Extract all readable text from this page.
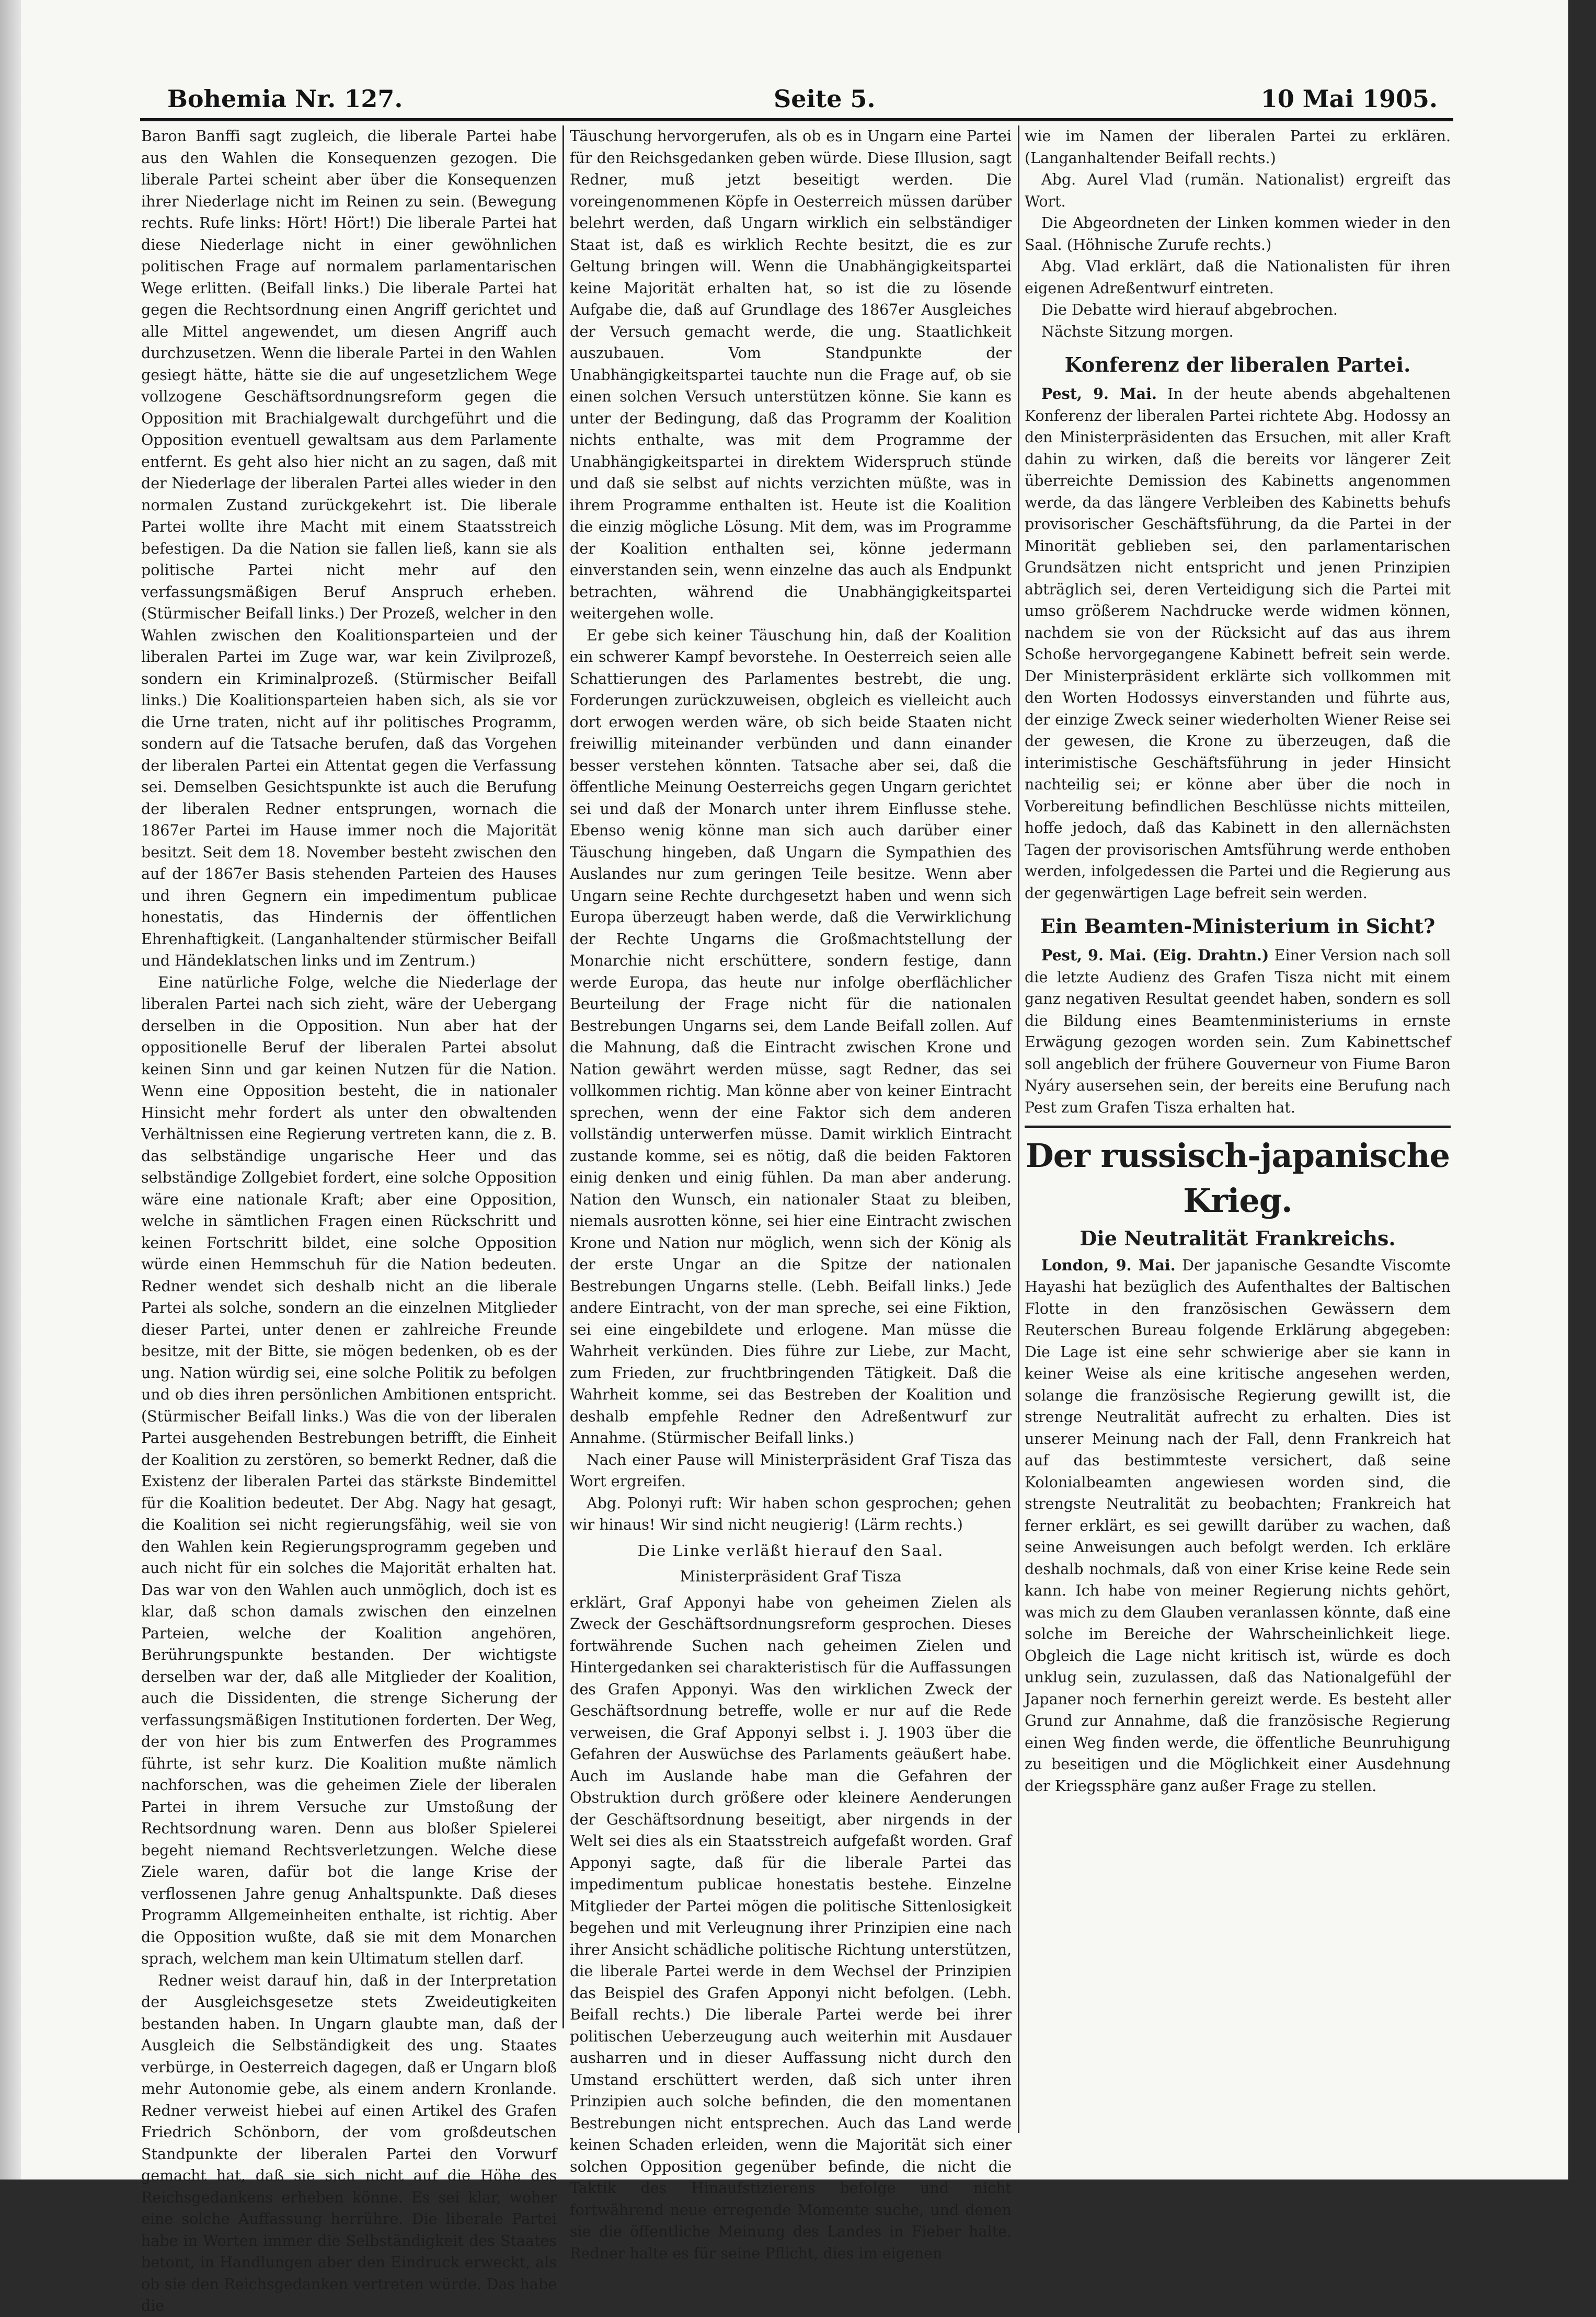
Bohemia Nr. 127.	Seite 5.	10 Mai 1905.

Baron Banffi sagt zugleich, die liberale Partei habe aus den Wahlen die Konsequenzen gezogen. Die liberale Partei scheint aber über die Konsequenzen ihrer Niederlage nicht im Reinen zu sein. (Bewegung rechts. Rufe links: Hört! Hört!) Die liberale Partei hat diese Niederlage nicht in einer gewöhnlichen politischen Frage auf normalem parlamentarischen Wege erlitten. (Beifall links.) Die liberale Partei hat gegen die Rechtsordnung einen Angriff gerichtet und alle Mittel angewendet, um diesen Angriff auch durchzusetzen. Wenn die liberale Partei in den Wahlen gesiegt hätte, hätte sie die auf ungesetzlichem Wege vollzogene Geschäftsordnungsreform gegen die Opposition mit Brachialgewalt durchgeführt und die Opposition eventuell gewaltsam aus dem Parlamente entfernt. Es geht also hier nicht an zu sagen, daß mit der Niederlage der liberalen Partei alles wieder in den normalen Zustand zurückgekehrt ist. Die liberale Partei wollte ihre Macht mit einem Staatsstreich befestigen. Da die Nation sie fallen ließ, kann sie als politische Partei nicht mehr auf den verfassungsmäßigen Beruf Anspruch erheben. (Stürmischer Beifall links.) Der Prozeß, welcher in den Wahlen zwischen den Koalitionsparteien und der liberalen Partei im Zuge war, war kein Zivilprozeß, sondern ein Kriminalprozeß. (Stürmischer Beifall links.) Die Koalitionsparteien haben sich, als sie vor die Urne traten, nicht auf ihr politisches Programm, sondern auf die Tatsache berufen, daß das Vorgehen der liberalen Partei ein Attentat gegen die Verfassung sei. Demselben Gesichtspunkte ist auch die Berufung der liberalen Redner entsprungen, wornach die 1867er Partei im Hause immer noch die Majorität besitzt. Seit dem 18. November besteht zwischen den auf der 1867er Basis stehenden Parteien des Hauses und ihren Gegnern ein impedimentum publicae honestatis, das Hindernis der öffentlichen Ehrenhaftigkeit. (Langanhaltender stürmischer Beifall und Händeklatschen links und im Zentrum.)

Eine natürliche Folge, welche die Niederlage der liberalen Partei nach sich zieht, wäre der Uebergang derselben in die Opposition. Nun aber hat der oppositionelle Beruf der liberalen Partei absolut keinen Sinn und gar keinen Nutzen für die Nation. Wenn eine Opposition besteht, die in nationaler Hinsicht mehr fordert als unter den obwaltenden Verhältnissen eine Regierung vertreten kann, die z. B. das selbständige ungarische Heer und das selbständige Zollgebiet fordert, eine solche Opposition wäre eine nationale Kraft; aber eine Opposition, welche in sämtlichen Fragen einen Rückschritt und keinen Fortschritt bildet, eine solche Opposition würde einen Hemmschuh für die Nation bedeuten. Redner wendet sich deshalb nicht an die liberale Partei als solche, sondern an die einzelnen Mitglieder dieser Partei, unter denen er zahlreiche Freunde besitze, mit der Bitte, sie mögen bedenken, ob es der ung. Nation würdig sei, eine solche Politik zu befolgen und ob dies ihren persönlichen Ambitionen entspricht. (Stürmischer Beifall links.) Was die von der liberalen Partei ausgehenden Bestrebungen betrifft, die Einheit der Koalition zu zerstören, so bemerkt Redner, daß die Existenz der liberalen Partei das stärkste Bindemittel für die Koalition bedeutet. Der Abg. Nagy hat gesagt, die Koalition sei nicht regierungsfähig, weil sie von den Wahlen kein Regierungsprogramm gegeben und auch nicht für ein solches die Majorität erhalten hat. Das war von den Wahlen auch unmöglich, doch ist es klar, daß schon damals zwischen den einzelnen Parteien, welche der Koalition angehören, Berührungspunkte bestanden. Der wichtigste derselben war der, daß alle Mitglieder der Koalition, auch die Dissidenten, die strenge Sicherung der verfassungsmäßigen Institutionen forderten. Der Weg, der von hier bis zum Entwerfen des Programmes führte, ist sehr kurz. Die Koalition mußte nämlich nachforschen, was die geheimen Ziele der liberalen Partei in ihrem Versuche zur Umstoßung der Rechtsordnung waren. Denn aus bloßer Spielerei begeht niemand Rechtsverletzungen. Welche diese Ziele waren, dafür bot die lange Krise der verflossenen Jahre genug Anhaltspunkte. Daß dieses Programm Allgemeinheiten enthalte, ist richtig. Aber die Opposition wußte, daß sie mit dem Monarchen sprach, welchem man kein Ultimatum stellen darf.

Redner weist darauf hin, daß in der Interpretation der Ausgleichsgesetze stets Zweideutigkeiten bestanden haben. In Ungarn glaubte man, daß der Ausgleich die Selbständigkeit des ung. Staates verbürge, in Oesterreich dagegen, daß er Ungarn bloß mehr Autonomie gebe, als einem andern Kronlande. Redner verweist hiebei auf einen Artikel des Grafen Friedrich Schönborn, der vom großdeutschen Standpunkte der liberalen Partei den Vorwurf gemacht hat, daß sie sich nicht auf die Höhe des Reichsgedankens erheben könne. Es sei klar, woher eine solche Auffassung herrühre. Die liberale Partei habe in Worten immer die Selbständigkeit des Staates betont, in Handlungen aber den Eindruck erweckt, als ob sie den Reichsgedanken vertreten würde. Das habe die

Täuschung hervorgerufen, als ob es in Ungarn eine Partei für den Reichsgedanken geben würde. Diese Illusion, sagt Redner, muß jetzt beseitigt werden. Die voreingenommenen Köpfe in Oesterreich müssen darüber belehrt werden, daß Ungarn wirklich ein selbständiger Staat ist, daß es wirklich Rechte besitzt, die es zur Geltung bringen will. Wenn die Unabhängigkeitspartei keine Majorität erhalten hat, so ist die zu lösende Aufgabe die, daß auf Grundlage des 1867er Ausgleiches der Versuch gemacht werde, die ung. Staatlichkeit auszubauen. Vom Standpunkte der Unabhängigkeitspartei tauchte nun die Frage auf, ob sie einen solchen Versuch unterstützen könne. Sie kann es unter der Bedingung, daß das Programm der Koalition nichts enthalte, was mit dem Programme der Unabhängigkeitspartei in direktem Widerspruch stünde und daß sie selbst auf nichts verzichten müßte, was in ihrem Programme enthalten ist. Heute ist die Koalition die einzig mögliche Lösung. Mit dem, was im Programme der Koalition enthalten sei, könne jedermann einverstanden sein, wenn einzelne das auch als Endpunkt betrachten, während die Unabhängigkeitspartei weitergehen wolle.

Er gebe sich keiner Täuschung hin, daß der Koalition ein schwerer Kampf bevorstehe. In Oesterreich seien alle Schattierungen des Parlamentes bestrebt, die ung. Forderungen zurückzuweisen, obgleich es vielleicht auch dort erwogen werden wäre, ob sich beide Staaten nicht freiwillig miteinander verbünden und dann einander besser verstehen könnten. Tatsache aber sei, daß die öffentliche Meinung Oesterreichs gegen Ungarn gerichtet sei und daß der Monarch unter ihrem Einflusse stehe. Ebenso wenig könne man sich auch darüber einer Täuschung hingeben, daß Ungarn die Sympathien des Auslandes nur zum geringen Teile besitze. Wenn aber Ungarn seine Rechte durchgesetzt haben und wenn sich Europa überzeugt haben werde, daß die Verwirklichung der Rechte Ungarns die Großmachtstellung der Monarchie nicht erschüttere, sondern festige, dann werde Europa, das heute nur infolge oberflächlicher Beurteilung der Frage nicht für die nationalen Bestrebungen Ungarns sei, dem Lande Beifall zollen. Auf die Mahnung, daß die Eintracht zwischen Krone und Nation gewährt werden müsse, sagt Redner, das sei vollkommen richtig. Man könne aber von keiner Eintracht sprechen, wenn der eine Faktor sich dem anderen vollständig unterwerfen müsse. Damit wirklich Eintracht zustande komme, sei es nötig, daß die beiden Faktoren einig denken und einig fühlen. Da man aber anderung. Nation den Wunsch, ein nationaler Staat zu bleiben, niemals ausrotten könne, sei hier eine Eintracht zwischen Krone und Nation nur möglich, wenn sich der König als der erste Ungar an die Spitze der nationalen Bestrebungen Ungarns stelle. (Lebh. Beifall links.) Jede andere Eintracht, von der man spreche, sei eine Fiktion, sei eine eingebildete und erlogene. Man müsse die Wahrheit verkünden. Dies führe zur Liebe, zur Macht, zum Frieden, zur fruchtbringenden Tätigkeit. Daß die Wahrheit komme, sei das Bestreben der Koalition und deshalb empfehle Redner den Adreßentwurf zur Annahme. (Stürmischer Beifall links.)

Nach einer Pause will Ministerpräsident Graf Tisza das Wort ergreifen.

Abg. Polonyi ruft: Wir haben schon gesprochen; gehen wir hinaus! Wir sind nicht neugierig! (Lärm rechts.)

Die Linke verläßt hierauf den Saal.
Ministerpräsident Graf Tisza

erklärt, Graf Apponyi habe von geheimen Zielen als Zweck der Geschäftsordnungsreform gesprochen. Dieses fortwährende Suchen nach geheimen Zielen und Hintergedanken sei charakteristisch für die Auffassungen des Grafen Apponyi. Was den wirklichen Zweck der Geschäftsordnung betreffe, wolle er nur auf die Rede verweisen, die Graf Apponyi selbst i. J. 1903 über die Gefahren der Auswüchse des Parlaments geäußert habe. Auch im Auslande habe man die Gefahren der Obstruktion durch größere oder kleinere Aenderungen der Geschäftsordnung beseitigt, aber nirgends in der Welt sei dies als ein Staatsstreich aufgefaßt worden. Graf Apponyi sagte, daß für die liberale Partei das impedimentum publicae honestatis bestehe. Einzelne Mitglieder der Partei mögen die politische Sittenlosigkeit begehen und mit Verleugnung ihrer Prinzipien eine nach ihrer Ansicht schädliche politische Richtung unterstützen, die liberale Partei werde in dem Wechsel der Prinzipien das Beispiel des Grafen Apponyi nicht befolgen. (Lebh. Beifall rechts.) Die liberale Partei werde bei ihrer politischen Ueberzeugung auch weiterhin mit Ausdauer ausharren und in dieser Auffassung nicht durch den Umstand erschüttert werden, daß sich unter ihren Prinzipien auch solche befinden, die den momentanen Bestrebungen nicht entsprechen. Auch das Land werde keinen Schaden erleiden, wenn die Majorität sich einer solchen Opposition gegenüber befinde, die nicht die Taktik des Hinaufstizierens befolge und nicht fortwährend neue erregende Momente suche, und denen sie die öffentliche Meinung des Landes in Fieber halte. Redner halte es für seine Pflicht, dies im eigenen

wie im Namen der liberalen Partei zu erklären. (Langanhaltender Beifall rechts.)

Abg. Aurel Vlad (rumän. Nationalist) ergreift das Wort.

Die Abgeordneten der Linken kommen wieder in den Saal. (Höhnische Zurufe rechts.)

Abg. Vlad erklärt, daß die Nationalisten für ihren eigenen Adreßentwurf eintreten.

Die Debatte wird hierauf abgebrochen.

Nächste Sitzung morgen.

Konferenz der liberalen Partei.

Pest, 9. Mai. In der heute abends abgehaltenen Konferenz der liberalen Partei richtete Abg. Hodossy an den Ministerpräsidenten das Ersuchen, mit aller Kraft dahin zu wirken, daß die bereits vor längerer Zeit überreichte Demission des Kabinetts angenommen werde, da das längere Verbleiben des Kabinetts behufs provisorischer Geschäftsführung, da die Partei in der Minorität geblieben sei, den parlamentarischen Grundsätzen nicht entspricht und jenen Prinzipien abträglich sei, deren Verteidigung sich die Partei mit umso größerem Nachdrucke werde widmen können, nachdem sie von der Rücksicht auf das aus ihrem Schoße hervorgegangene Kabinett befreit sein werde. Der Ministerpräsident erklärte sich vollkommen mit den Worten Hodossys einverstanden und führte aus, der einzige Zweck seiner wiederholten Wiener Reise sei der gewesen, die Krone zu überzeugen, daß die interimistische Geschäftsführung in jeder Hinsicht nachteilig sei; er könne aber über die noch in Vorbereitung befindlichen Beschlüsse nichts mitteilen, hoffe jedoch, daß das Kabinett in den allernächsten Tagen der provisorischen Amtsführung werde enthoben werden, infolgedessen die Partei und die Regierung aus der gegenwärtigen Lage befreit sein werden.

Ein Beamten-Ministerium in Sicht?

Pest, 9. Mai. (Eig. Drahtn.) Einer Version nach soll die letzte Audienz des Grafen Tisza nicht mit einem ganz negativen Resultat geendet haben, sondern es soll die Bildung eines Beamtenministeriums in ernste Erwägung gezogen worden sein. Zum Kabinettschef soll angeblich der frühere Gouverneur von Fiume Baron Nyáry ausersehen sein, der bereits eine Berufung nach Pest zum Grafen Tisza erhalten hat.

Der russisch-japanische Krieg.
Die Neutralität Frankreichs.

London, 9. Mai. Der japanische Gesandte Viscomte Hayashi hat bezüglich des Aufenthaltes der Baltischen Flotte in den französischen Gewässern dem Reuterschen Bureau folgende Erklärung abgegeben: Die Lage ist eine sehr schwierige aber sie kann in keiner Weise als eine kritische angesehen werden, solange die französische Regierung gewillt ist, die strenge Neutralität aufrecht zu erhalten. Dies ist unserer Meinung nach der Fall, denn Frankreich hat auf das bestimmteste versichert, daß seine Kolonialbeamten angewiesen worden sind, die strengste Neutralität zu beobachten; Frankreich hat ferner erklärt, es sei gewillt darüber zu wachen, daß seine Anweisungen auch befolgt werden. Ich erkläre deshalb nochmals, daß von einer Krise keine Rede sein kann. Ich habe von meiner Regierung nichts gehört, was mich zu dem Glauben veranlassen könnte, daß eine solche im Bereiche der Wahrscheinlichkeit liege. Obgleich die Lage nicht kritisch ist, würde es doch unklug sein, zuzulassen, daß das Nationalgefühl der Japaner noch fernerhin gereizt werde. Es besteht aller Grund zur Annahme, daß die französische Regierung einen Weg finden werde, die öffentliche Beunruhigung zu beseitigen und die Möglichkeit einer Ausdehnung der Kriegssphäre ganz außer Frage zu stellen.
